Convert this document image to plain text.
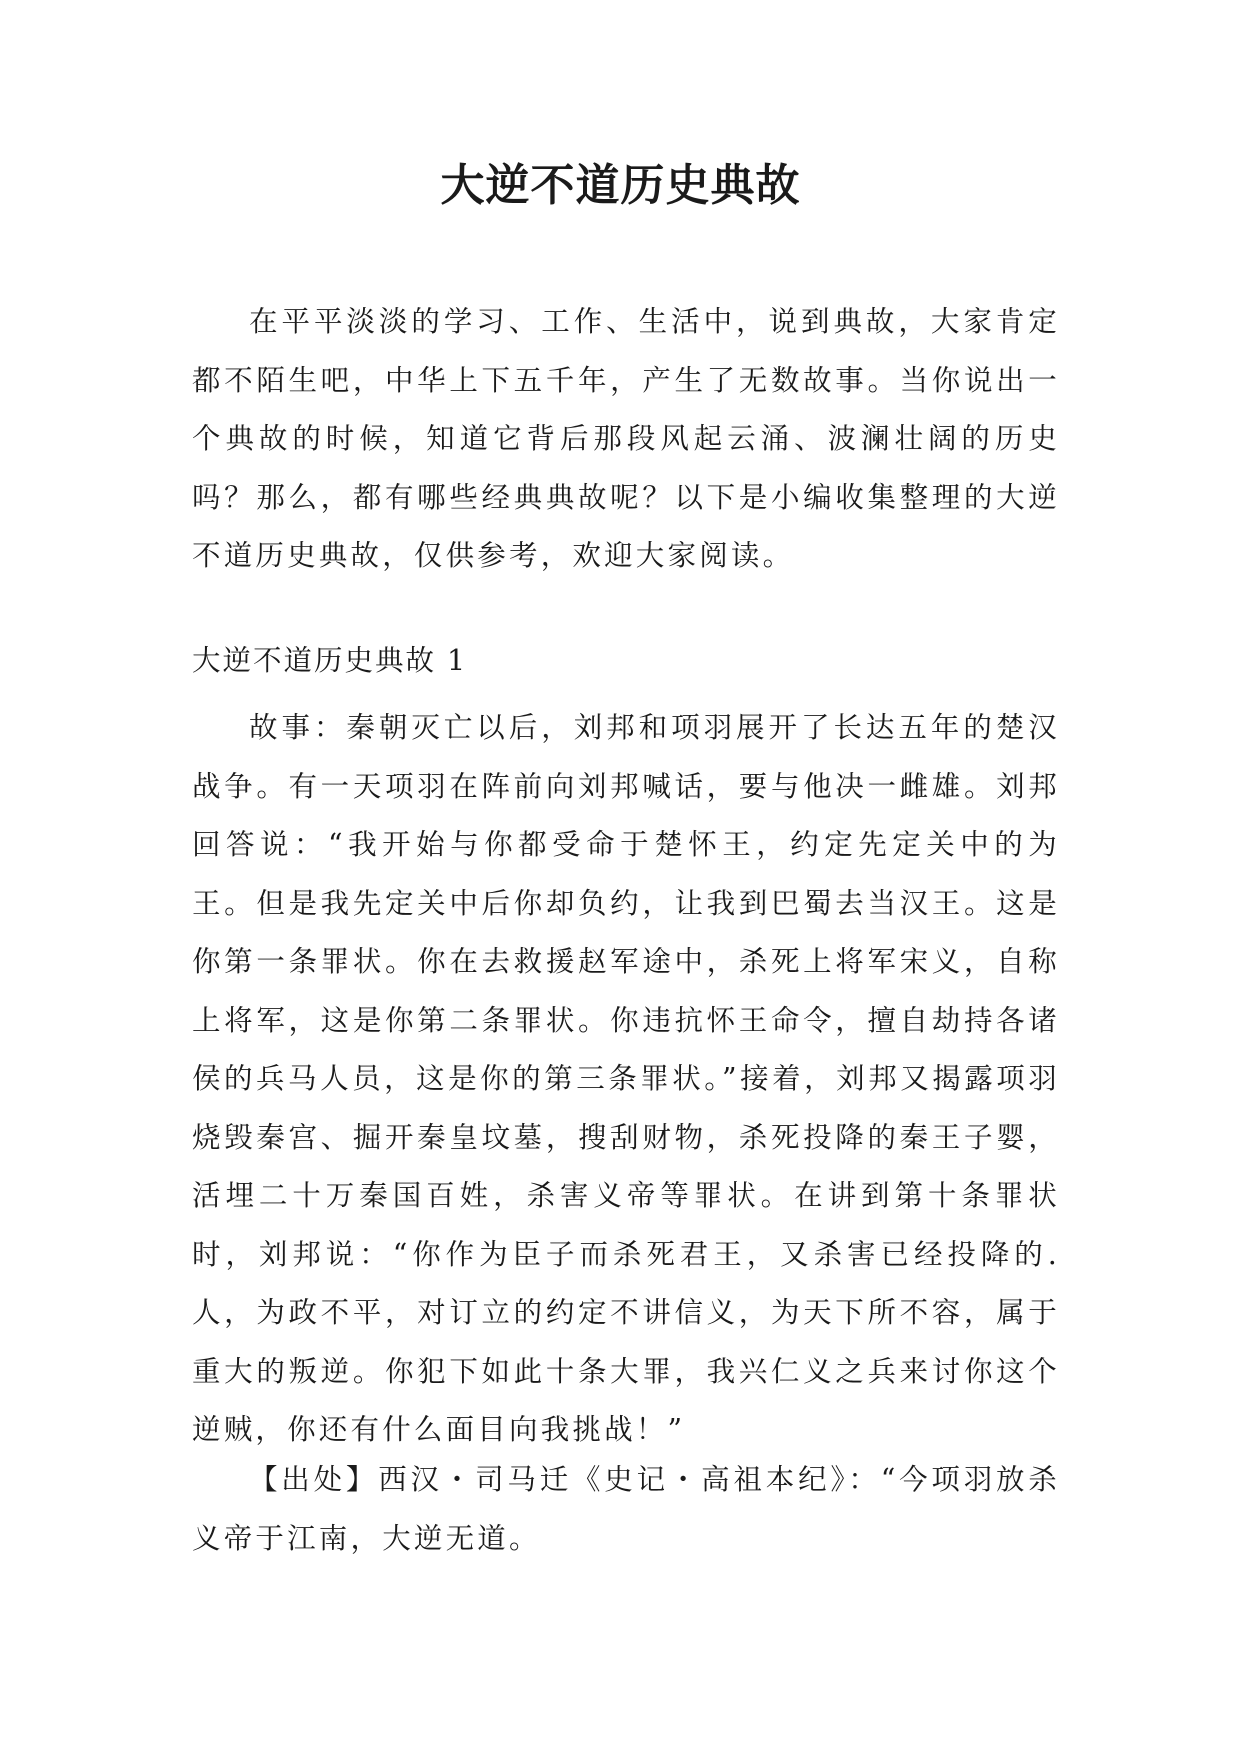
大逆不道历史典故

在平平淡淡的学习、工作、生活中，说到典故，大家肯定都不陌生吧，中华上下五千年，产生了无数故事。当你说出一个典故的时候，知道它背后那段风起云涌、波澜壮阔的历史吗？那么，都有哪些经典典故呢？以下是小编收集整理的大逆不道历史典故，仅供参考，欢迎大家阅读。

大逆不道历史典故 1

故事：秦朝灭亡以后，刘邦和项羽展开了长达五年的楚汉战争。有一天项羽在阵前向刘邦喊话，要与他决一雌雄。刘邦回答说：“我开始与你都受命于楚怀王，约定先定关中的为王。但是我先定关中后你却负约，让我到巴蜀去当汉王。这是你第一条罪状。你在去救援赵军途中，杀死上将军宋义，自称上将军，这是你第二条罪状。你违抗怀王命令，擅自劫持各诸侯的兵马人员，这是你的第三条罪状。”接着，刘邦又揭露项羽烧毁秦宫、掘开秦皇坟墓，搜刮财物，杀死投降的秦王子婴，活埋二十万秦国百姓，杀害义帝等罪状。在讲到第十条罪状时，刘邦说：“你作为臣子而杀死君王，又杀害已经投降的.人，为政不平，对订立的约定不讲信义，为天下所不容，属于重大的叛逆。你犯下如此十条大罪，我兴仁义之兵来讨你这个逆贼，你还有什么面目向我挑战！”

【出处】西汉・司马迁《史记・高祖本纪》：“今项羽放杀义帝于江南，大逆无道。
